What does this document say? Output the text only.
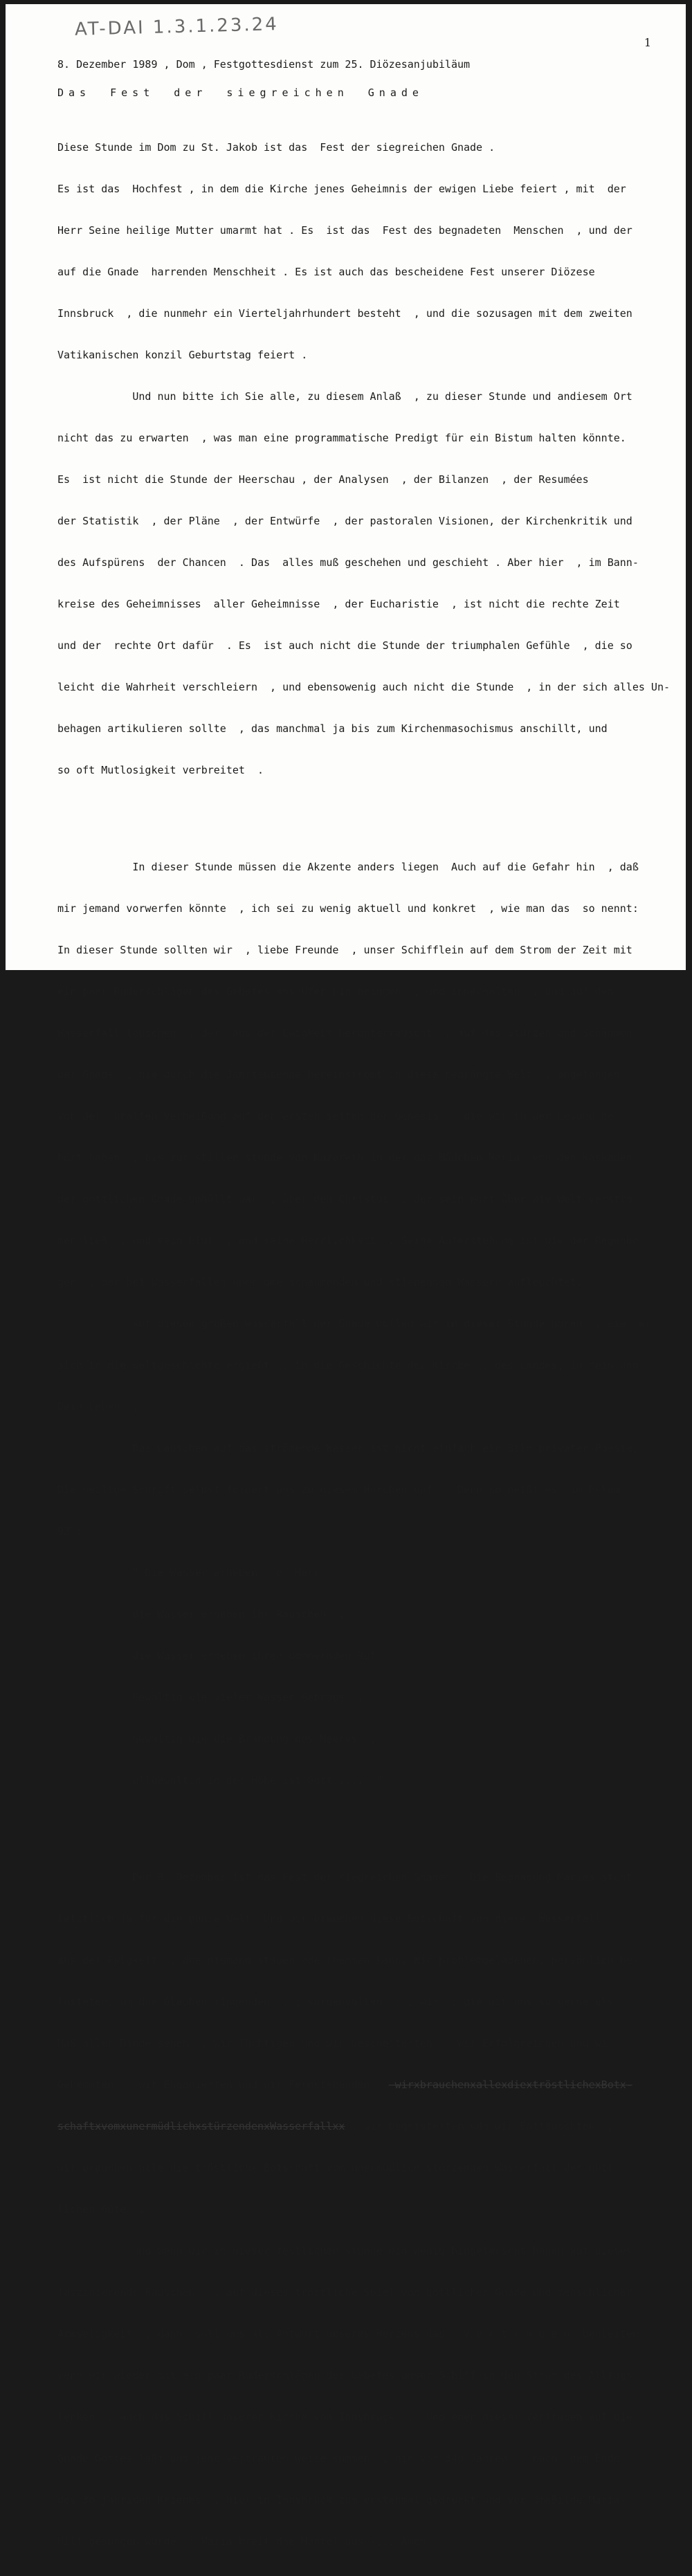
AT-DAI 1.3.1.23.24
1
8. Dezember 1989 , Dom , Festgottesdienst zum 25. Diözesanjubiläum
Das Fest der siegreichen Gnade

Diese Stunde im Dom zu St. Jakob ist das  Fest der siegreichen Gnade .

Es ist das  Hochfest , in dem die Kirche jenes Geheimnis der ewigen Liebe feiert , mit  der

Herr Seine heilige Mutter umarmt hat . Es  ist das  Fest des begnadeten  Menschen  , und der

auf die Gnade  harrenden Menschheit . Es ist auch das bescheidene Fest unserer Diözese

Innsbruck  , die nunmehr ein Vierteljahrhundert besteht  , und die sozusagen mit dem zweiten

Vatikanischen konzil Geburtstag feiert .

Und nun bitte ich Sie alle, zu diesem Anlaß  , zu dieser Stunde und andiesem Ort

nicht das zu erwarten  , was man eine programmatische Predigt für ein Bistum halten könnte.

Es  ist nicht die Stunde der Heerschau , der Analysen  , der Bilanzen  , der Resumées

der Statistik  , der Pläne  , der Entwürfe  , der pastoralen Visionen, der Kirchenkritik und

des Aufspürens  der Chancen  . Das  alles muß geschehen und geschieht . Aber hier  , im Bann-

kreise des Geheimnisses  aller Geheimnisse  , der Eucharistie  , ist nicht die rechte Zeit

und der  rechte Ort dafür  . Es  ist auch nicht die Stunde der triumphalen Gefühle  , die so

leicht die Wahrheit verschleiern  , und ebensowenig auch nicht die Stunde  , in der sich alles Un-

behagen artikulieren sollte  , das manchmal ja bis zum Kirchenmasochismus anschillt, und

so oft Mutlosigkeit verbreitet  .

In dieser Stunde müssen die Akzente anders liegen  Auch auf die Gefahr hin  , daß

mir jemand vorwerfen könnte  , ich sei zu wenig aktuell und konkret  , wie man das  so nennt:

In dieser Stunde sollten wir  , liebe Freunde  , unser Schifflein auf dem Strom der Zeit mit

ein paar Ruderschlägen des Gebetes ans Ufer hin bringen  , und innerhalten  , und auf den

Wasserfall lauschen  , der  aus der Ewigkeit herunterrauscht  , auf das Stürzen und Schäumen

der Gnade  , die durch die Jahrtausende hereinströmt in diese bedrängte Welt  , angefangen

von der  uralten Verheißung auf den ersten seiten der Genesis  , die wir in der Lesung ge-

hört haben  , bis zur stillen stunde von Nazareth in der das Mädchen Maria  von den Kaskaden

der göttlichen Gnade umhüllt war  , über den Christus  , der sein Wort über die Welt verströ-

men ließ  , und sein Blut  , und seine Herrlichkeit  . Seine Auferstehung ist wie der Regenbo-

gen  , der bei Wasserfällen über dme schäumenden und stiebenden Wassern aufleuchtet.

Auf diesen großen Wasserfall der Gnade wollen wir in dieser Stunde hören  , wie  er

sich in die weltgeschichte ergießt  , in die Geschichte der Kirche  , des Landes, in mein und

Dein Leben  .

Das Lauschen auf das strömende Wasser ist nicht einfach ein Bild privater Poesie,

Die heilige Schrift selbst fordert uns zu diesem Horchen auf  . Denn so heißt es  im Pslam

93 :

" Die Wasser erheben , o  Herr, ,

die Wasser erheben ihr Rauschen  ,

die Wasser erheben ihren donnernden Ruf  .

Gewaltig wie vieler Wasser Gebraus  ,

Gewaltig wie die Brandung des Meeres  ,

allgewaltig in der Höhe ist Gott ....  "

Der 8. Dezember ist das Fest der siegreichen Gnade  . Die Begnadung Marias steht

letztlich ja für die ganze Welt. Und wir brauchen diese Botschaft von diesem Wasserfall

aus der Ewigkeit  , dne niemand stauen ode rhemmen kann. Wir problemgeladenen, persönlich be-

lasteten, um dne Glauben ringenden  , , sorgenvollen  , , wir  , die wir uns so gerne als

Maß aller Dinge sehen  , wir Tüchtigen und wir Gescheiterten  , wir Erfolgreichen und wir

Gehemmten  , wir Engagierten und wir Fernstehenden  , wirxbrauchenxallexdiextröstlichexBotx-

schaftxvomxunermüdlichxstürzendenxWasserfallxx , wir Begeisterten udn wir Enttäuschten  ,

wir brauchen alle die tröstliche Botschaft vom unermüdlich stürzenden Wasserfall der gött-

lichen Güte  .

Und wenn wir in dieser festlichen stunde ein wenig hingelauscht haben auf dieses

faszinierende Rauschen   , auf dieses tröstliche Spiel von göttlicher Gnade und menschlicher

Armseligkeit  , dann  soll uns als Antwort unseres Herzens das   V e r t r a u e n  begleiten

wenn wir wieder mit ein paar Ruderschlägen des Gebetes unser Schiff in den Strom des Alltags

lenken  , auch das Schiff unserer Kirche von Innsbruck  .  Und eben dieses Vertrauen auf die

Gnade Gottes läßt uns jene vertrauten Weise summen  , die vor 34o Jahren  , nach  dem Ende

des 3o-jährigen Krieges  , hier in Innsbruck zum erstenmal gedruckt und vor dmeBilde Maria-

Hilf gesungen wurde  : Maria breit dne Mantel aus -... Amen
